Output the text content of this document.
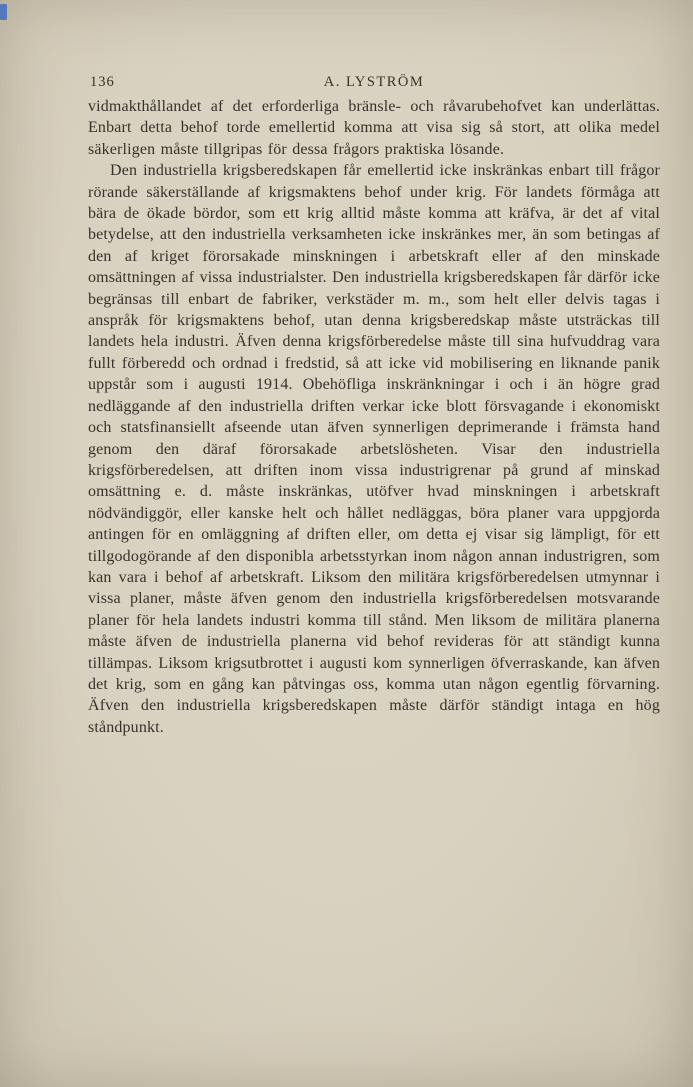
136	A. LYSTRÖM

vidmakthållandet af det erforderliga bränsle- och råvarubehofvet kan underlättas. Enbart detta behof torde emellertid komma att visa sig så stort, att olika medel säkerligen måste tillgripas för dessa frågors praktiska lösande.

Den industriella krigsberedskapen får emellertid icke inskränkas enbart till frågor rörande säkerställande af krigsmaktens behof under krig. För landets förmåga att bära de ökade bördor, som ett krig alltid måste komma att kräfva, är det af vital betydelse, att den industriella verksamheten icke inskränkes mer, än som betingas af den af kriget förorsakade minskningen i arbetskraft eller af den minskade omsättningen af vissa industrialster. Den industriella krigsberedskapen får därför icke begränsas till enbart de fabriker, verkstäder m. m., som helt eller delvis tagas i anspråk för krigsmaktens behof, utan denna krigsberedskap måste utsträckas till landets hela industri. Äfven denna krigsförberedelse måste till sina hufvuddrag vara fullt förberedd och ordnad i fredstid, så att icke vid mobilisering en liknande panik uppstår som i augusti 1914. Obehöfliga inskränkningar i och i än högre grad nedläggande af den industriella driften verkar icke blott försvagande i ekonomiskt och statsfinansiellt afseende utan äfven synnerligen deprimerande i främsta hand genom den däraf förorsakade arbetslösheten. Visar den industriella krigsförberedelsen, att driften inom vissa industrigrenar på grund af minskad omsättning e. d. måste inskränkas, utöfver hvad minskningen i arbetskraft nödvändiggör, eller kanske helt och hållet nedläggas, böra planer vara uppgjorda antingen för en omläggning af driften eller, om detta ej visar sig lämpligt, för ett tillgodogörande af den disponibla arbetsstyrkan inom någon annan industrigren, som kan vara i behof af arbetskraft. Liksom den militära krigsförberedelsen utmynnar i vissa planer, måste äfven genom den industriella krigsförberedelsen motsvarande planer för hela landets industri komma till stånd. Men liksom de militära planerna måste äfven de industriella planerna vid behof revideras för att ständigt kunna tillämpas. Liksom krigsutbrottet i augusti kom synnerligen öfverraskande, kan äfven det krig, som en gång kan påtvingas oss, komma utan någon egentlig förvarning. Äfven den industriella krigsberedskapen måste därför ständigt intaga en hög ståndpunkt.
